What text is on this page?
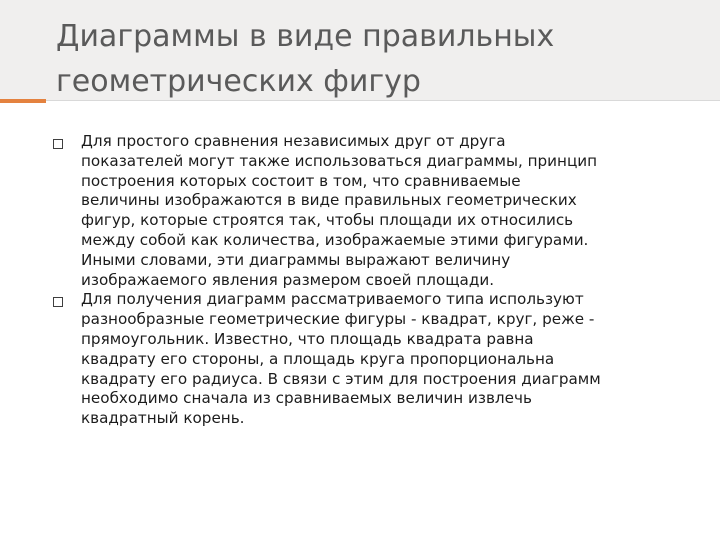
Диаграммы в виде правильных
геометрических фигур

Для простого сравнения независимых друг от друга
показателей могут также использоваться диаграммы, принцип
построения которых состоит в том, что сравниваемые
величины изображаются в виде правильных геометрических
фигур, которые строятся так, чтобы площади их относились
между собой как количества, изображаемые этими фигурами.
Иными словами, эти диаграммы выражают величину
изображаемого явления размером своей площади.

Для получения диаграмм рассматриваемого типа используют
разнообразные геометрические фигуры - квадрат, круг, реже -
прямоугольник. Известно, что площадь квадрата равна
квадрату его стороны, а площадь круга пропорциональна
квадрату его радиуса. В связи с этим для построения диаграмм
необходимо сначала из сравниваемых величин извлечь
квадратный корень.
